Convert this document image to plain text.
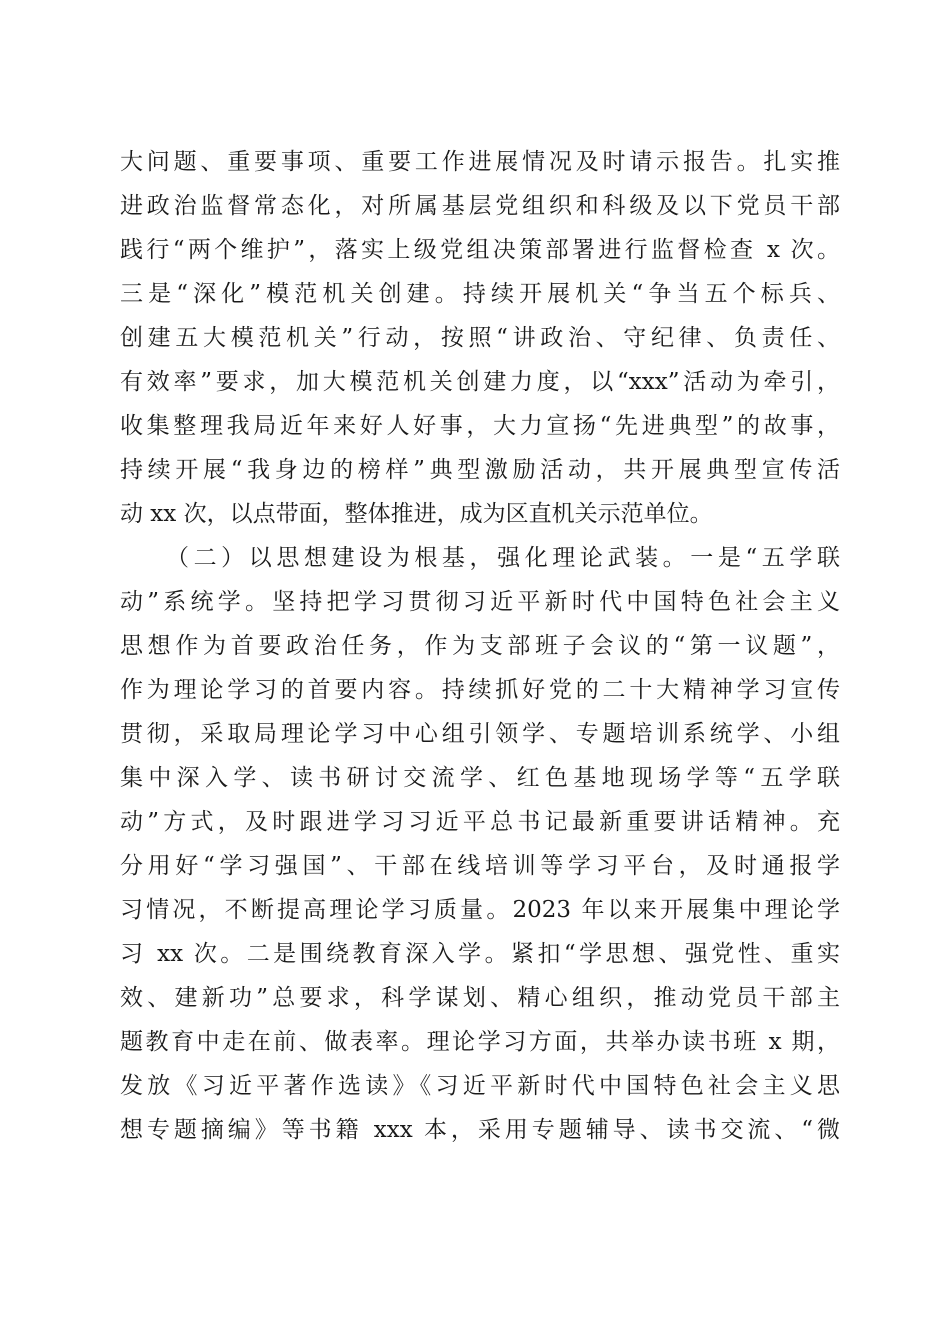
大问题、重要事项、重要工作进展情况及时请示报告。扎实推

进政治监督常态化，对所属基层党组织和科级及以下党员干部

践行“两个维护”，落实上级党组决策部署进行监督检查 x 次。

三是“深化”模范机关创建。持续开展机关“争当五个标兵、

创建五大模范机关”行动，按照“讲政治、守纪律、负责任、

有效率”要求，加大模范机关创建力度，以“xxx”活动为牵引，

收集整理我局近年来好人好事，大力宣扬“先进典型”的故事，

持续开展“我身边的榜样”典型激励活动，共开展典型宣传活

动 xx 次，以点带面，整体推进，成为区直机关示范单位。

（二）以思想建设为根基，强化理论武装。一是“五学联

动”系统学。坚持把学习贯彻习近平新时代中国特色社会主义

思想作为首要政治任务，作为支部班子会议的“第一议题”，

作为理论学习的首要内容。持续抓好党的二十大精神学习宣传

贯彻，采取局理论学习中心组引领学、专题培训系统学、小组

集中深入学、读书研讨交流学、红色基地现场学等“五学联

动”方式，及时跟进学习习近平总书记最新重要讲话精神。充

分用好“学习强国”、干部在线培训等学习平台，及时通报学

习情况，不断提高理论学习质量。2023 年以来开展集中理论学

习 xx 次。二是围绕教育深入学。紧扣“学思想、强党性、重实

效、建新功”总要求，科学谋划、精心组织，推动党员干部主

题教育中走在前、做表率。理论学习方面，共举办读书班 x 期，

发放《习近平著作选读》《习近平新时代中国特色社会主义思

想专题摘编》等书籍 xxx 本，采用专题辅导、读书交流、“微
